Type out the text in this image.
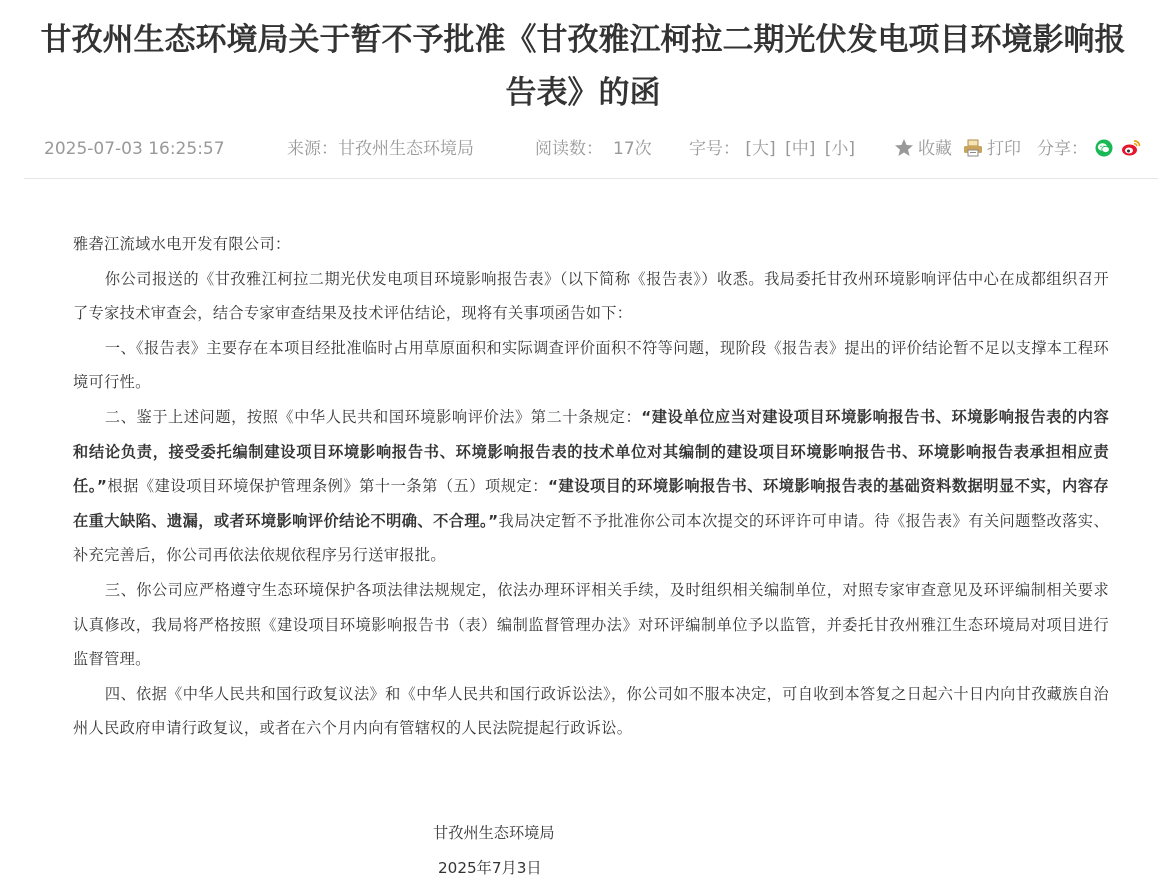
甘孜州生态环境局关于暂不予批准《甘孜雅江柯拉二期光伏发电项目环境影响报
告表》的函
2025-07-03 16:25:57	来源：甘孜州生态环境局	阅读数： 17次 字号： [大] [中] [小]	收藏	打印 分享：

雅砻江流域水电开发有限公司：

你公司报送的《甘孜雅江柯拉二期光伏发电项目环境影响报告表》（以下简称《报告表》）收悉。我局委托甘孜州环境影响评估中心在成都组织召开了专家技术审查会，结合专家审查结果及技术评估结论，现将有关事项函告如下：

一、《报告表》主要存在本项目经批准临时占用草原面积和实际调查评价面积不符等问题，现阶段《报告表》提出的评价结论暂不足以支撑本工程环境可行性。

二、鉴于上述问题，按照《中华人民共和国环境影响评价法》第二十条规定：“建设单位应当对建设项目环境影响报告书、环境影响报告表的内容和结论负责，接受委托编制建设项目环境影响报告书、环境影响报告表的技术单位对其编制的建设项目环境影响报告书、环境影响报告表承担相应责任。”根据《建设项目环境保护管理条例》第十一条第（五）项规定：“建设项目的环境影响报告书、环境影响报告表的基础资料数据明显不实，内容存在重大缺陷、遗漏，或者环境影响评价结论不明确、不合理。”我局决定暂不予批准你公司本次提交的环评许可申请。待《报告表》有关问题整改落实、补充完善后，你公司再依法依规依程序另行送审报批。

三、你公司应严格遵守生态环境保护各项法律法规规定，依法办理环评相关手续，及时组织相关编制单位，对照专家审查意见及环评编制相关要求认真修改，我局将严格按照《建设项目环境影响报告书（表）编制监督管理办法》对环评编制单位予以监管，并委托甘孜州雅江生态环境局对项目进行监督管理。

四、依据《中华人民共和国行政复议法》和《中华人民共和国行政诉讼法》，你公司如不服本决定，可自收到本答复之日起六十日内向甘孜藏族自治州人民政府申请行政复议，或者在六个月内向有管辖权的人民法院提起行政诉讼。

甘孜州生态环境局
2025年7月3日
